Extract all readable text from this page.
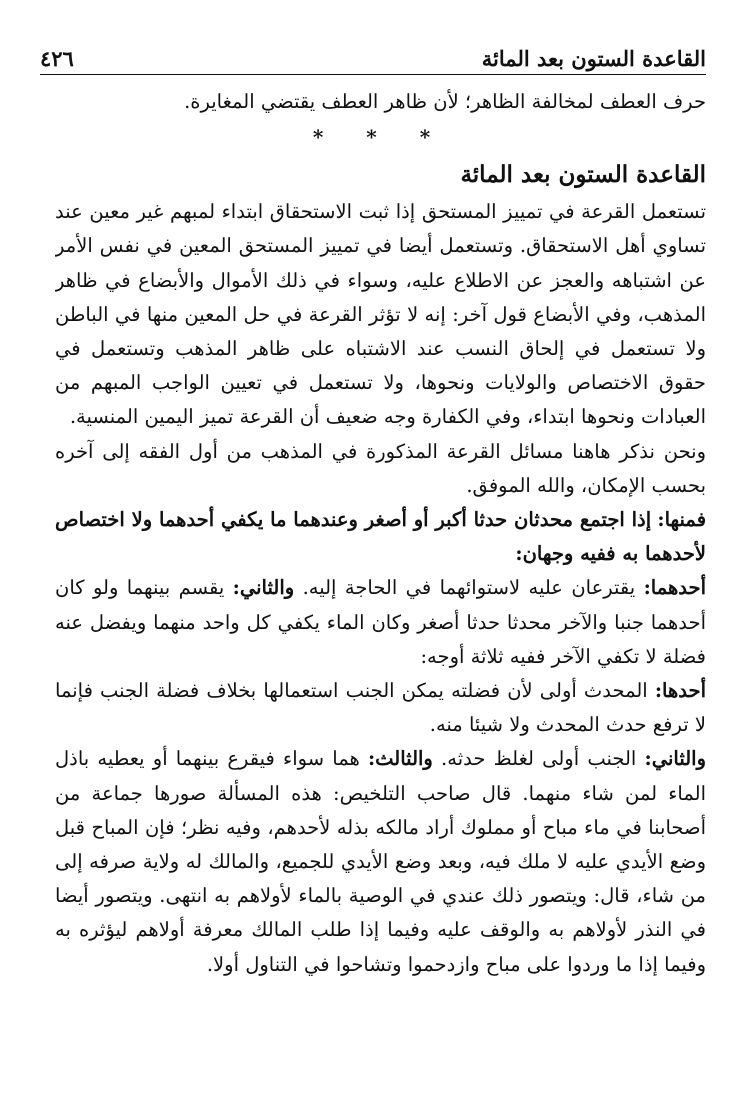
القاعدة الستون بعد المائة
٤٢٦

حرف العطف لمخالفة الظاهر؛ لأن ظاهر العطف يقتضي المغايرة.

* * *

القاعدة الستون بعد المائة

تستعمل القرعة في تمييز المستحق إذا ثبت الاستحقاق ابتداء لمبهم غير معين عند تساوي أهل الاستحقاق. وتستعمل أيضا في تمييز المستحق المعين في نفس الأمر عن اشتباهه والعجز عن الاطلاع عليه، وسواء في ذلك الأموال والأبضاع في ظاهر المذهب، وفي الأبضاع قول آخر: إنه لا تؤثر القرعة في حل المعين منها في الباطن ولا تستعمل في إلحاق النسب عند الاشتباه على ظاهر المذهب وتستعمل في حقوق الاختصاص والولايات ونحوها، ولا تستعمل في تعيين الواجب المبهم من العبادات ونحوها ابتداء، وفي الكفارة وجه ضعيف أن القرعة تميز اليمين المنسية.

ونحن نذكر هاهنا مسائل القرعة المذكورة في المذهب من أول الفقه إلى آخره بحسب الإمكان، والله الموفق.

فمنها: إذا اجتمع محدثان حدثا أكبر أو أصغر وعندهما ما يكفي أحدهما ولا اختصاص لأحدهما به ففيه وجهان:

أحدهما: يقترعان عليه لاستوائهما في الحاجة إليه. والثاني: يقسم بينهما ولو كان أحدهما جنبا والآخر محدثا حدثا أصغر وكان الماء يكفي كل واحد منهما ويفضل عنه فضلة لا تكفي الآخر ففيه ثلاثة أوجه:

أحدها: المحدث أولى لأن فضلته يمكن الجنب استعمالها بخلاف فضلة الجنب فإنما لا ترفع حدث المحدث ولا شيئا منه.

والثاني: الجنب أولى لغلظ حدثه. والثالث: هما سواء فيقرع بينهما أو يعطيه باذل الماء لمن شاء منهما. قال صاحب التلخيص: هذه المسألة صورها جماعة من أصحابنا في ماء مباح أو مملوك أراد مالكه بذله لأحدهم، وفيه نظر؛ فإن المباح قبل وضع الأيدي عليه لا ملك فيه، وبعد وضع الأيدي للجميع، والمالك له ولاية صرفه إلى من شاء، قال: ويتصور ذلك عندي في الوصية بالماء لأولاهم به انتهى. ويتصور أيضا في النذر لأولاهم به والوقف عليه وفيما إذا طلب المالك معرفة أولاهم ليؤثره به وفيما إذا ما وردوا على مباح وازدحموا وتشاحوا في التناول أولا.
